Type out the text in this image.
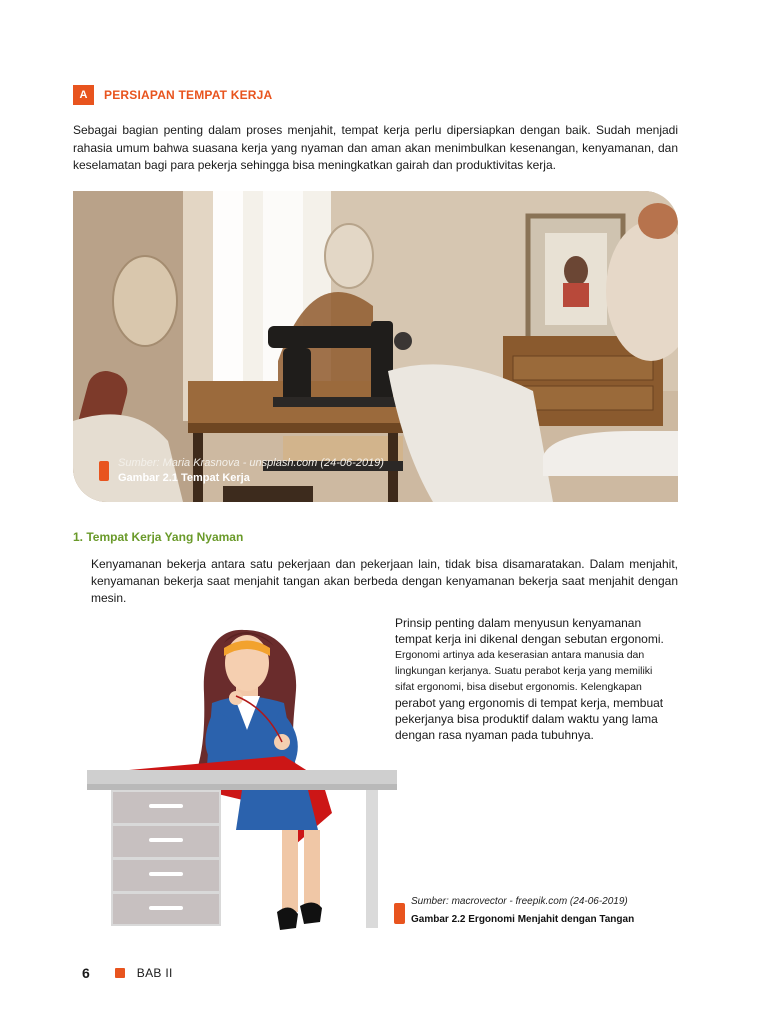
A	PERSIAPAN TEMPAT KERJA

Sebagai bagian penting dalam proses menjahit, tempat kerja perlu dipersiapkan dengan baik. Sudah menjadi rahasia umum bahwa suasana kerja yang nyaman dan aman akan menimbulkan kesenangan, kenyamanan, dan keselamatan bagi para pekerja sehingga bisa meningkatkan gairah dan produktivitas kerja.

Sumber: Maria Krasnova - unsplash.com (24-06-2019)
Gambar 2.1 Tempat Kerja
1. Tempat Kerja Yang Nyaman

Kenyamanan bekerja antara satu pekerjaan dan pekerjaan lain, tidak bisa disamaratakan. Dalam menjahit, kenyamanan bekerja saat menjahit tangan akan berbeda dengan kenyamanan bekerja saat menjahit dengan mesin.

Prinsip penting dalam menyusun kenyamanan
tempat kerja ini dikenal dengan sebutan ergonomi.
Ergonomi artinya ada keserasian antara manusia dan
lingkungan kerjanya. Suatu perabot kerja yang memiliki
sifat ergonomi, bisa disebut ergonomis. Kelengkapan
perabot yang ergonomis di tempat kerja, membuat
pekerjanya bisa produktif dalam waktu yang lama
dengan rasa nyaman pada tubuhnya.

Sumber: macrovector - freepik.com (24-06-2019)
Gambar 2.2 Ergonomi Menjahit dengan Tangan
6	BAB II
